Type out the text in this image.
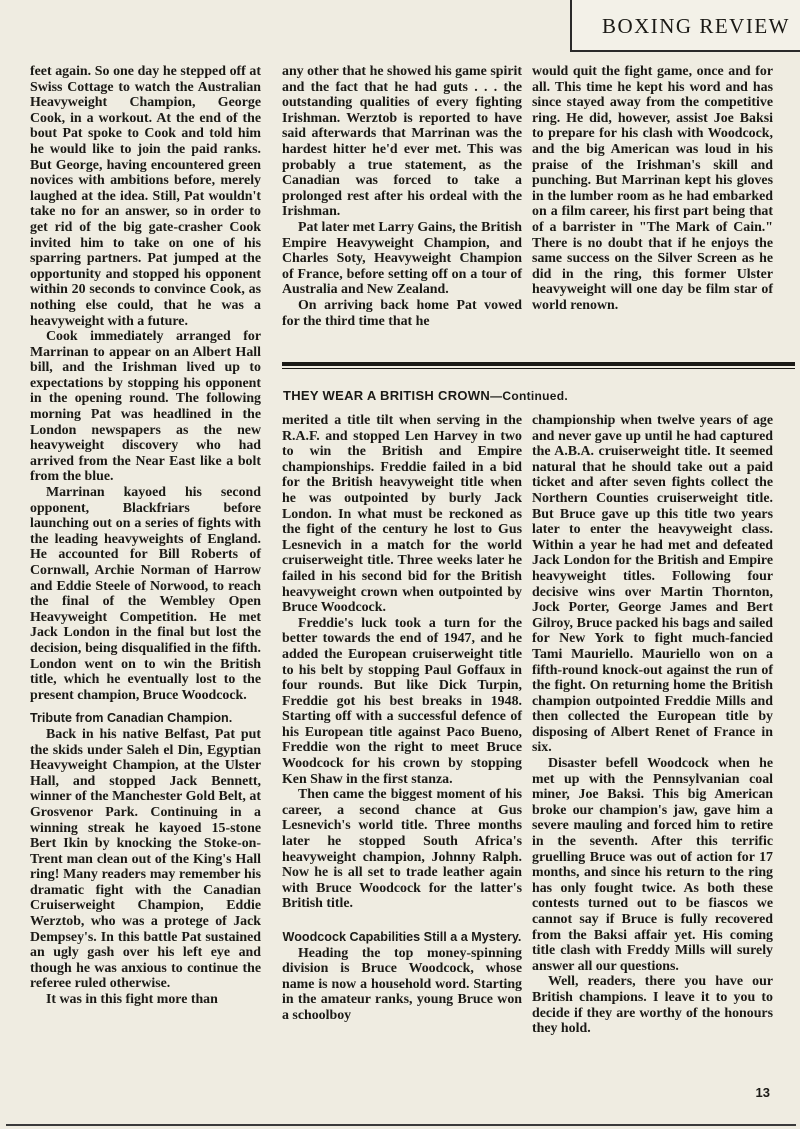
BOXING REVIEW

feet again. So one day he stepped off at Swiss Cottage to watch the Australian Heavyweight Champion, George Cook, in a workout. At the end of the bout Pat spoke to Cook and told him he would like to join the paid ranks. But George, having encountered green novices with ambitions before, merely laughed at the idea. Still, Pat wouldn't take no for an answer, so in order to get rid of the big gate-crasher Cook invited him to take on one of his sparring partners. Pat jumped at the opportunity and stopped his opponent within 20 seconds to convince Cook, as nothing else could, that he was a heavyweight with a future.

Cook immediately arranged for Marrinan to appear on an Albert Hall bill, and the Irishman lived up to expectations by stopping his opponent in the opening round. The following morning Pat was headlined in the London newspapers as the new heavyweight discovery who had arrived from the Near East like a bolt from the blue.

Marrinan kayoed his second opponent, Blackfriars before launching out on a series of fights with the leading heavyweights of England. He accounted for Bill Roberts of Cornwall, Archie Norman of Harrow and Eddie Steele of Norwood, to reach the final of the Wembley Open Heavyweight Competition. He met Jack London in the final but lost the decision, being disqualified in the fifth. London went on to win the British title, which he eventually lost to the present champion, Bruce Woodcock.

Tribute from Canadian Champion.

Back in his native Belfast, Pat put the skids under Saleh el Din, Egyptian Heavyweight Champion, at the Ulster Hall, and stopped Jack Bennett, winner of the Manchester Gold Belt, at Grosvenor Park. Continuing in a winning streak he kayoed 15-stone Bert Ikin by knocking the Stoke-on-Trent man clean out of the King's Hall ring! Many readers may remember his dramatic fight with the Canadian Cruiserweight Champion, Eddie Werztob, who was a protege of Jack Dempsey's. In this battle Pat sustained an ugly gash over his left eye and though he was anxious to continue the referee ruled otherwise.

It was in this fight more than

any other that he showed his game spirit and the fact that he had guts . . . the outstanding qualities of every fighting Irishman. Werztob is reported to have said afterwards that Marrinan was the hardest hitter he'd ever met. This was probably a true statement, as the Canadian was forced to take a prolonged rest after his ordeal with the Irishman.

Pat later met Larry Gains, the British Empire Heavyweight Champion, and Charles Soty, Heavyweight Champion of France, before setting off on a tour of Australia and New Zealand.

On arriving back home Pat vowed for the third time that he

would quit the fight game, once and for all. This time he kept his word and has since stayed away from the competitive ring. He did, however, assist Joe Baksi to prepare for his clash with Woodcock, and the big American was loud in his praise of the Irishman's skill and punching. But Marrinan kept his gloves in the lumber room as he had embarked on a film career, his first part being that of a barrister in "The Mark of Cain." There is no doubt that if he enjoys the same success on the Silver Screen as he did in the ring, this former Ulster heavyweight will one day be film star of world renown.

THEY WEAR A BRITISH CROWN—Continued.

merited a title tilt when serving in the R.A.F. and stopped Len Harvey in two to win the British and Empire championships. Freddie failed in a bid for the British heavyweight title when he was outpointed by burly Jack London. In what must be reckoned as the fight of the century he lost to Gus Lesnevich in a match for the world cruiserweight title. Three weeks later he failed in his second bid for the British heavyweight crown when outpointed by Bruce Woodcock.

Freddie's luck took a turn for the better towards the end of 1947, and he added the European cruiserweight title to his belt by stopping Paul Goffaux in four rounds. But like Dick Turpin, Freddie got his best breaks in 1948. Starting off with a successful defence of his European title against Paco Bueno, Freddie won the right to meet Bruce Woodcock for his crown by stopping Ken Shaw in the first stanza.

Then came the biggest moment of his career, a second chance at Gus Lesnevich's world title. Three months later he stopped South Africa's heavyweight champion, Johnny Ralph. Now he is all set to trade leather again with Bruce Woodcock for the latter's British title.

Woodcock Capabilities Still a a Mystery.

Heading the top money-spinning division is Bruce Woodcock, whose name is now a household word. Starting in the amateur ranks, young Bruce won a schoolboy

championship when twelve years of age and never gave up until he had captured the A.B.A. cruiserweight title. It seemed natural that he should take out a paid ticket and after seven fights collect the Northern Counties cruiserweight title. But Bruce gave up this title two years later to enter the heavyweight class. Within a year he had met and defeated Jack London for the British and Empire heavyweight titles. Following four decisive wins over Martin Thornton, Jock Porter, George James and Bert Gilroy, Bruce packed his bags and sailed for New York to fight much-fancied Tami Mauriello. Mauriello won on a fifth-round knock-out against the run of the fight. On returning home the British champion outpointed Freddie Mills and then collected the European title by disposing of Albert Renet of France in six.

Disaster befell Woodcock when he met up with the Pennsylvanian coal miner, Joe Baksi. This big American broke our champion's jaw, gave him a severe mauling and forced him to retire in the seventh. After this terrific gruelling Bruce was out of action for 17 months, and since his return to the ring has only fought twice. As both these contests turned out to be fiascos we cannot say if Bruce is fully recovered from the Baksi affair yet. His coming title clash with Freddy Mills will surely answer all our questions.

Well, readers, there you have our British champions. I leave it to you to decide if they are worthy of the honours they hold.

13
